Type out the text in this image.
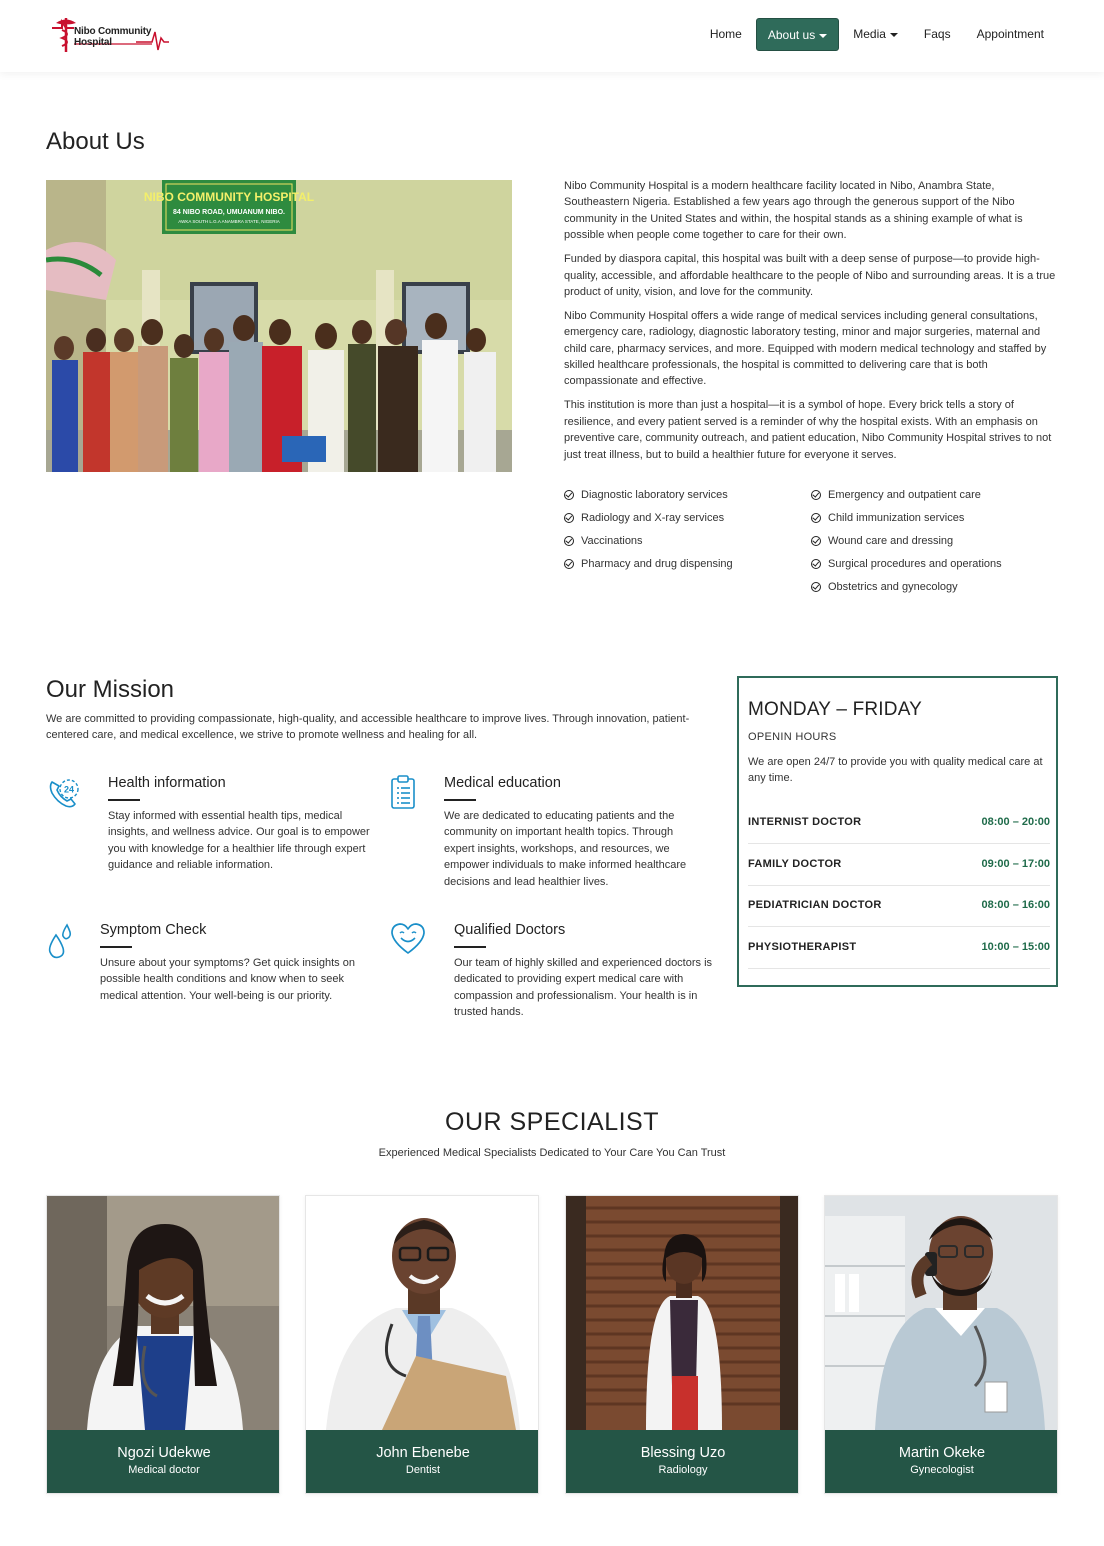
Nibo Community
Hospital
Home	About us	Media	Faqs	Appointment
About Us
NIBO COMMUNITY HOSPITAL
84 NIBO ROAD, UMUANUM NIBO.
AWKA SOUTH L.G.A ANAMBRA STATE, NIGERIA

Nibo Community Hospital is a modern healthcare facility located in Nibo, Anambra State, Southeastern Nigeria. Established a few years ago through the generous support of the Nibo community in the United States and within, the hospital stands as a shining example of what is possible when people come together to care for their own.

Funded by diaspora capital, this hospital was built with a deep sense of purpose—to provide high-quality, accessible, and affordable healthcare to the people of Nibo and surrounding areas. It is a true product of unity, vision, and love for the community.

Nibo Community Hospital offers a wide range of medical services including general consultations, emergency care, radiology, diagnostic laboratory testing, minor and major surgeries, maternal and child care, pharmacy services, and more. Equipped with modern medical technology and staffed by skilled healthcare professionals, the hospital is committed to delivering care that is both compassionate and effective.

This institution is more than just a hospital—it is a symbol of hope. Every brick tells a story of resilience, and every patient served is a reminder of why the hospital exists. With an emphasis on preventive care, community outreach, and patient education, Nibo Community Hospital strives to not just treat illness, but to build a healthier future for everyone it serves.

Diagnostic laboratory services
Radiology and X-ray services
Vaccinations
Pharmacy and drug dispensing
Emergency and outpatient care
Child immunization services
Wound care and dressing
Surgical procedures and operations
Obstetrics and gynecology
Our Mission

We are committed to providing compassionate, high-quality, and accessible healthcare to improve lives. Through innovation, patient-centered care, and medical excellence, we strive to promote wellness and healing for all.

24 Health information

Stay informed with essential health tips, medical insights, and wellness advice. Our goal is to empower you with knowledge for a healthier life through expert guidance and reliable information.

Medical education

We are dedicated to educating patients and the community on important health topics. Through expert insights, workshops, and resources, we empower individuals to make informed healthcare decisions and lead healthier lives.

Symptom Check

Unsure about your symptoms? Get quick insights on possible health conditions and know when to seek medical attention. Your well-being is our priority.

Qualified Doctors

Our team of highly skilled and experienced doctors is dedicated to providing expert medical care with compassion and professionalism. Your health is in trusted hands.

MONDAY – FRIDAY
OPENIN HOURS
We are open 24/7 to provide you with quality medical care at any time.
INTERNIST DOCTOR	08:00 – 20:00
FAMILY DOCTOR	09:00 – 17:00
PEDIATRICIAN DOCTOR	08:00 – 16:00
PHYSIOTHERAPIST	10:00 – 15:00
OUR SPECIALIST

Experienced Medical Specialists Dedicated to Your Care You Can Trust

Ngozi Udekwe
Medical doctor
John Ebenebe
Dentist
Blessing Uzo
Radiology
Martin Okeke
Gynecologist
